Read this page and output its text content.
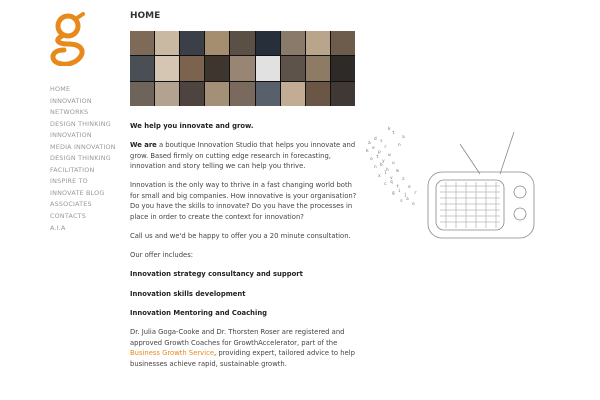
HOME
INNOVATION
NETWORKS
DESIGN THINKING
INNOVATION
MEDIA INNOVATION
DESIGN THINKING
FACILITATION
INSPIRE TO
INNOVATE BLOG
ASSOCIATES
CONTACTS
A.I.A
HOME

We help you innovate and grow.

We are a boutique Innovation Studio that helps you innovate and grow. Based firmly on cutting edge research in forecasting, innovation and story telling we can help you thrive.

Innovation is the only way to thrive in a fast changing world both for small and big companies. How innovative is your organisation? Do you have the skills to innovate? Do you have the processes in place in order to create the context for innovation?

Call us and we'd be happy to offer you a 20 minute consultation.

Our offer includes:

Innovation strategy consultancy and support

Innovation skills development

Innovation Mentoring and Coaching

Dr. Julia Goga-Cooke and Dr. Thorsten Roser are registered and approved Growth Coaches for GrowthAccelerator, part of the Business Growth Service, providing expert, tailored advice to help businesses achieve rapid, sustainable growth.

a
d s
k
e
p
r
o t
y
w
n b
h
u
x
l
v
m
c q
f
z
g i
j
e
s a
o
r
t
a
k
n
